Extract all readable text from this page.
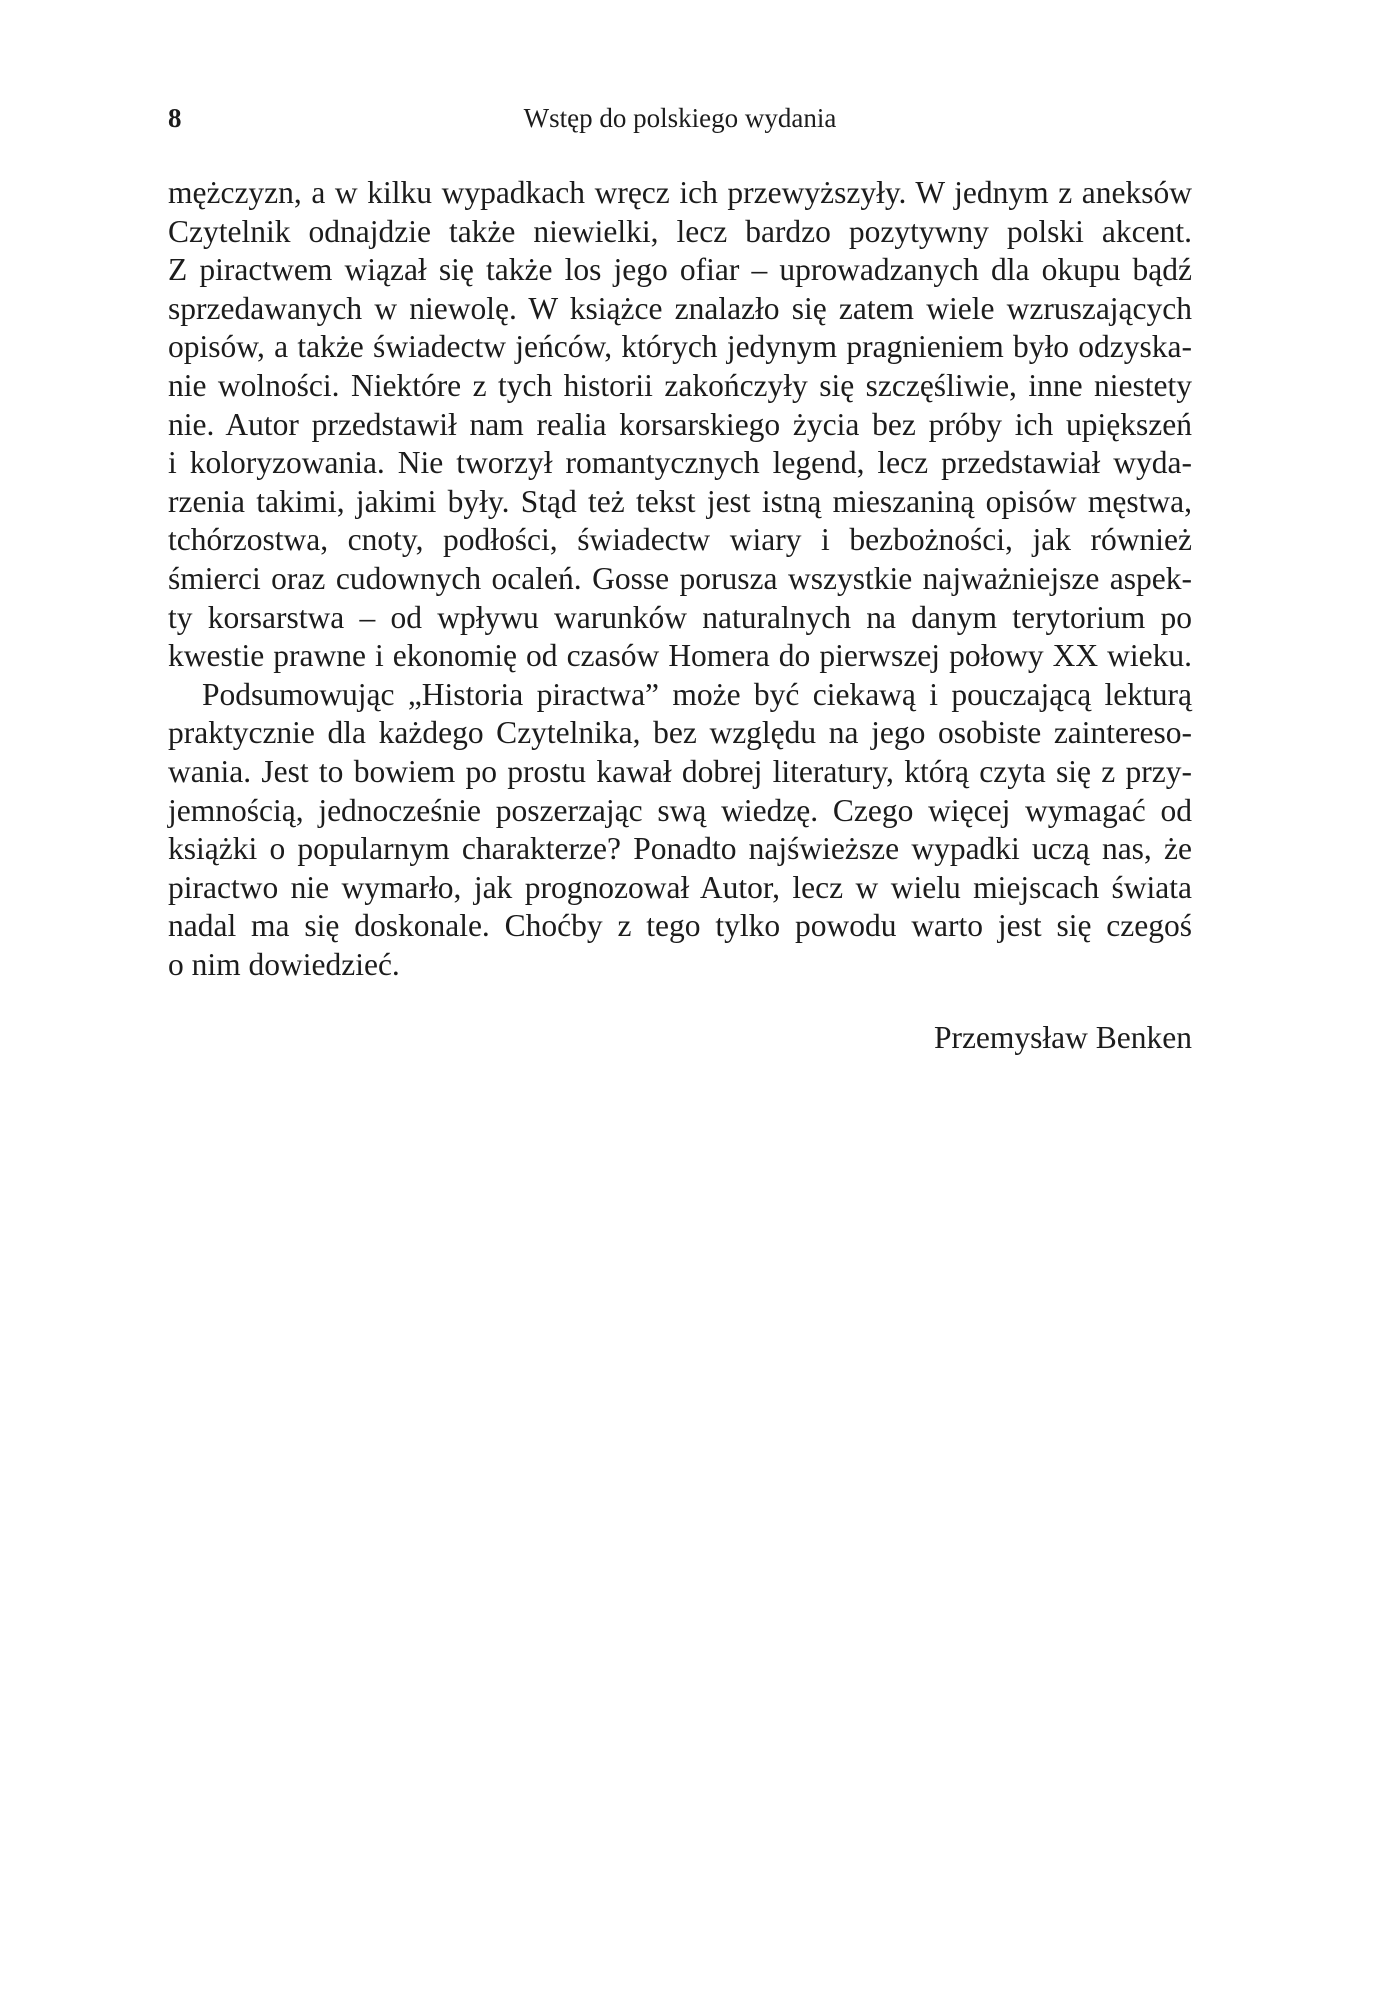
8	Wstęp do polskiego wydania
mężczyzn, a w kilku wypadkach wręcz ich przewyższyły. W jednym z aneksów
Czytelnik odnajdzie także niewielki, lecz bardzo pozytywny polski akcent.
Z piractwem wiązał się także los jego ofiar – uprowadzanych dla okupu bądź
sprzedawanych w niewolę. W książce znalazło się zatem wiele wzruszających
opisów, a także świadectw jeńców, których jedynym pragnieniem było odzyska-
nie wolności. Niektóre z tych historii zakończyły się szczęśliwie, inne niestety
nie. Autor przedstawił nam realia korsarskiego życia bez próby ich upiększeń
i koloryzowania. Nie tworzył romantycznych legend, lecz przedstawiał wyda-
rzenia takimi, jakimi były. Stąd też tekst jest istną mieszaniną opisów męstwa,
tchórzostwa, cnoty, podłości, świadectw wiary i bezbożności, jak również
śmierci oraz cudownych ocaleń. Gosse porusza wszystkie najważniejsze aspek-
ty korsarstwa – od wpływu warunków naturalnych na danym terytorium po
kwestie prawne i ekonomię od czasów Homera do pierwszej połowy XX wieku.
Podsumowując „Historia piractwa” może być ciekawą i pouczającą lekturą
praktycznie dla każdego Czytelnika, bez względu na jego osobiste zaintereso-
wania. Jest to bowiem po prostu kawał dobrej literatury, którą czyta się z przy-
jemnością, jednocześnie poszerzając swą wiedzę. Czego więcej wymagać od
książki o popularnym charakterze? Ponadto najświeższe wypadki uczą nas, że
piractwo nie wymarło, jak prognozował Autor, lecz w wielu miejscach świata
nadal ma się doskonale. Choćby z tego tylko powodu warto jest się czegoś
o nim dowiedzieć.
Przemysław Benken
